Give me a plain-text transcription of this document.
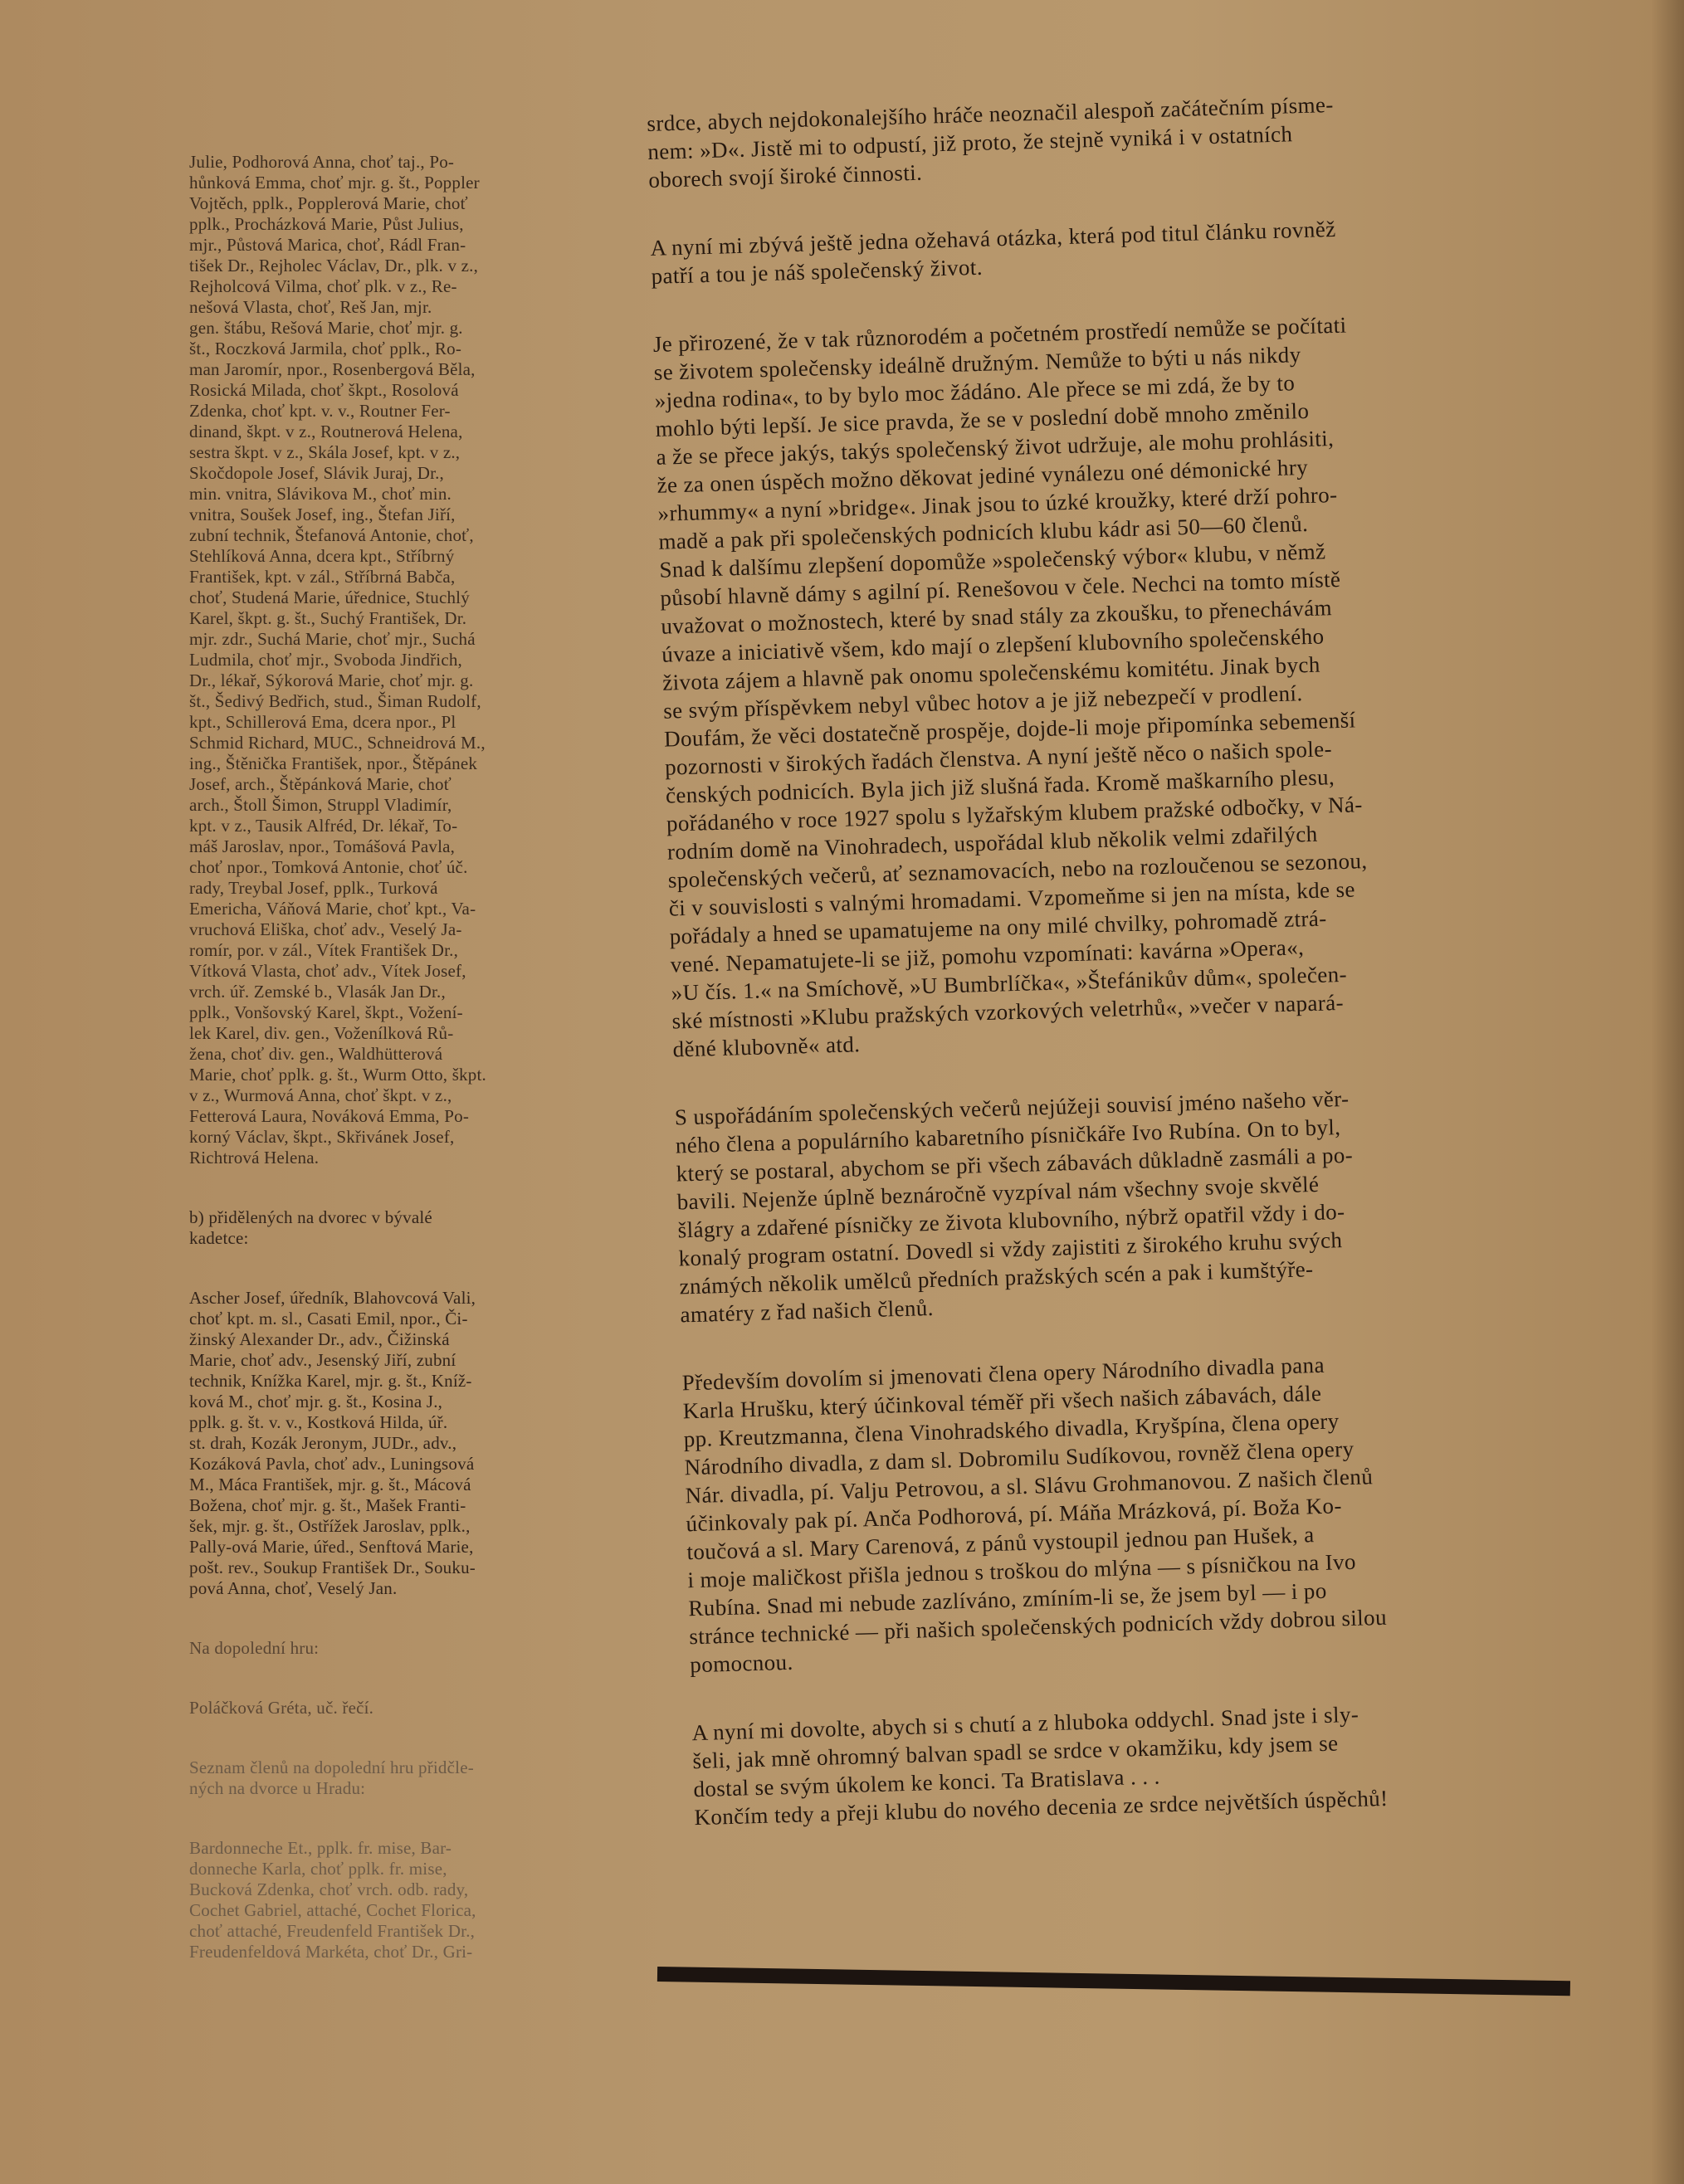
Julie, Podhorová Anna, choť taj., Po-
hůnková Emma, choť mjr. g. št., Poppler
Vojtěch, pplk., Popplerová Marie, choť
pplk., Procházková Marie, Půst Julius,
mjr., Půstová Marica, choť, Rádl Fran-
tišek Dr., Rejholec Václav, Dr., plk. v z.,
Rejholcová Vilma, choť plk. v z., Re-
nešová Vlasta, choť, Reš Jan, mjr.
gen. štábu, Rešová Marie, choť mjr. g.
št., Roczková Jarmila, choť pplk., Ro-
man Jaromír, npor., Rosenbergová Běla,
Rosická Milada, choť škpt., Rosolová
Zdenka, choť kpt. v. v., Routner Fer-
dinand, škpt. v z., Routnerová Helena,
sestra škpt. v z., Skála Josef, kpt. v z.,
Skočdopole Josef, Slávik Juraj, Dr.,
min. vnitra, Slávikova M., choť min.
vnitra, Soušek Josef, ing., Štefan Jiří,
zubní technik, Štefanová Antonie, choť,
Stehlíková Anna, dcera kpt., Stříbrný
František, kpt. v zál., Stříbrná Babča,
choť, Studená Marie, úřednice, Stuchlý
Karel, škpt. g. št., Suchý František, Dr.
mjr. zdr., Suchá Marie, choť mjr., Suchá
Ludmila, choť mjr., Svoboda Jindřich,
Dr., lékař, Sýkorová Marie, choť mjr. g.
št., Šedivý Bedřich, stud., Šiman Rudolf,
kpt., Schillerová Ema, dcera npor., Pl
Schmid Richard, MUC., Schneidrová M.,
ing., Štěnička František, npor., Štěpánek
Josef, arch., Štěpánková Marie, choť
arch., Štoll Šimon, Struppl Vladimír,
kpt. v z., Tausik Alfréd, Dr. lékař, To-
máš Jaroslav, npor., Tomášová Pavla,
choť npor., Tomková Antonie, choť úč.
rady, Treybal Josef, pplk., Turková
Emericha, Váňová Marie, choť kpt., Va-
vruchová Eliška, choť adv., Veselý Ja-
romír, por. v zál., Vítek František Dr.,
Vítková Vlasta, choť adv., Vítek Josef,
vrch. úř. Zemské b., Vlasák Jan Dr.,
pplk., Vonšovský Karel, škpt., Vožení-
lek Karel, div. gen., Voženílková Rů-
žena, choť div. gen., Waldhütterová
Marie, choť pplk. g. št., Wurm Otto, škpt.
v z., Wurmová Anna, choť škpt. v z.,
Fetterová Laura, Nováková Emma, Po-
korný Václav, škpt., Skřivánek Josef,
Richtrová Helena.

b) přidělených na dvorec v bývalé
kadetce:

Ascher Josef, úředník, Blahovcová Vali,
choť kpt. m. sl., Casati Emil, npor., Či-
žinský Alexander Dr., adv., Čižinská
Marie, choť adv., Jesenský Jiří, zubní
technik, Knížka Karel, mjr. g. št., Kníž-
ková M., choť mjr. g. št., Kosina J.,
pplk. g. št. v. v., Kostková Hilda, úř.
st. drah, Kozák Jeronym, JUDr., adv.,
Kozáková Pavla, choť adv., Luningsová
M., Máca František, mjr. g. št., Mácová
Božena, choť mjr. g. št., Mašek Franti-
šek, mjr. g. št., Ostřížek Jaroslav, pplk.,
Pally-ová Marie, úřed., Senftová Marie,
pošt. rev., Soukup František Dr., Souku-
pová Anna, choť, Veselý Jan.

Na dopolední hru:

Poláčková Gréta, uč. řečí.

Seznam členů na dopolední hru přidčle-
ných na dvorce u Hradu:

Bardonneche Et., pplk. fr. mise, Bar-
donneche Karla, choť pplk. fr. mise,
Bucková Zdenka, choť vrch. odb. rady,
Cochet Gabriel, attaché, Cochet Florica,
choť attaché, Freudenfeld František Dr.,
Freudenfeldová Markéta, choť Dr., Gri-

srdce, abych nejdokonalejšího hráče neoznačil alespoň začátečním písme-
nem: »D«. Jistě mi to odpustí, již proto, že stejně vyniká i v ostatních
oborech svojí široké činnosti.

A nyní mi zbývá ještě jedna ožehavá otázka, která pod titul článku rovněž
patří a tou je náš společenský život.

Je přirozené, že v tak různorodém a početném prostředí nemůže se počítati
se životem společensky ideálně družným. Nemůže to býti u nás nikdy
»jedna rodina«, to by bylo moc žádáno. Ale přece se mi zdá, že by to
mohlo býti lepší. Je sice pravda, že se v poslední době mnoho změnilo
a že se přece jakýs, takýs společenský život udržuje, ale mohu prohlásiti,
že za onen úspěch možno děkovat jediné vynálezu oné démonické hry
»rhummy« a nyní »bridge«. Jinak jsou to úzké kroužky, které drží pohro-
madě a pak při společenských podnicích klubu kádr asi 50—60 členů.
Snad k dalšímu zlepšení dopomůže »společenský výbor« klubu, v němž
působí hlavně dámy s agilní pí. Renešovou v čele. Nechci na tomto místě
uvažovat o možnostech, které by snad stály za zkoušku, to přenechávám
úvaze a iniciativě všem, kdo mají o zlepšení klubovního společenského
života zájem a hlavně pak onomu společenskému komitétu. Jinak bych
se svým příspěvkem nebyl vůbec hotov a je již nebezpečí v prodlení.
Doufám, že věci dostatečně prospěje, dojde-li moje připomínka sebemenší
pozornosti v širokých řadách členstva. A nyní ještě něco o našich spole-
čenských podnicích. Byla jich již slušná řada. Kromě maškarního plesu,
pořádaného v roce 1927 spolu s lyžařským klubem pražské odbočky, v Ná-
rodním domě na Vinohradech, uspořádal klub několik velmi zdařilých
společenských večerů, ať seznamovacích, nebo na rozloučenou se sezonou,
či v souvislosti s valnými hromadami. Vzpomeňme si jen na místa, kde se
pořádaly a hned se upamatujeme na ony milé chvilky, pohromadě ztrá-
vené. Nepamatujete-li se již, pomohu vzpomínati: kavárna »Opera«,
»U čís. 1.« na Smíchově, »U Bumbrlíčka«, »Štefánikův dům«, společen-
ské místnosti »Klubu pražských vzorkových veletrhů«, »večer v napará-
děné klubovně« atd.

S uspořádáním společenských večerů nejúžeji souvisí jméno našeho věr-
ného člena a populárního kabaretního písničkáře Ivo Rubína. On to byl,
který se postaral, abychom se při všech zábavách důkladně zasmáli a po-
bavili. Nejenže úplně beznáročně vyzpíval nám všechny svoje skvělé
šlágry a zdařené písničky ze života klubovního, nýbrž opatřil vždy i do-
konalý program ostatní. Dovedl si vždy zajistiti z širokého kruhu svých
známých několik umělců předních pražských scén a pak i kumštýře-
amatéry z řad našich členů.

Především dovolím si jmenovati člena opery Národního divadla pana
Karla Hrušku, který účinkoval téměř při všech našich zábavách, dále
pp. Kreutzmanna, člena Vinohradského divadla, Kryšpína, člena opery
Národního divadla, z dam sl. Dobromilu Sudíkovou, rovněž člena opery
Nár. divadla, pí. Valju Petrovou, a sl. Slávu Grohmanovou. Z našich členů
účinkovaly pak pí. Anča Podhorová, pí. Máňa Mrázková, pí. Boža Ko-
toučová a sl. Mary Carenová, z pánů vystoupil jednou pan Hušek, a
i moje maličkost přišla jednou s troškou do mlýna — s písničkou na Ivo
Rubína. Snad mi nebude zazlíváno, zmíním-li se, že jsem byl — i po
stránce technické — při našich společenských podnicích vždy dobrou silou
pomocnou.

A nyní mi dovolte, abych si s chutí a z hluboka oddychl. Snad jste i sly-
šeli, jak mně ohromný balvan spadl se srdce v okamžiku, kdy jsem se
dostal se svým úkolem ke konci. Ta Bratislava . . .
Končím tedy a přeji klubu do nového decenia ze srdce největších úspěchů!
